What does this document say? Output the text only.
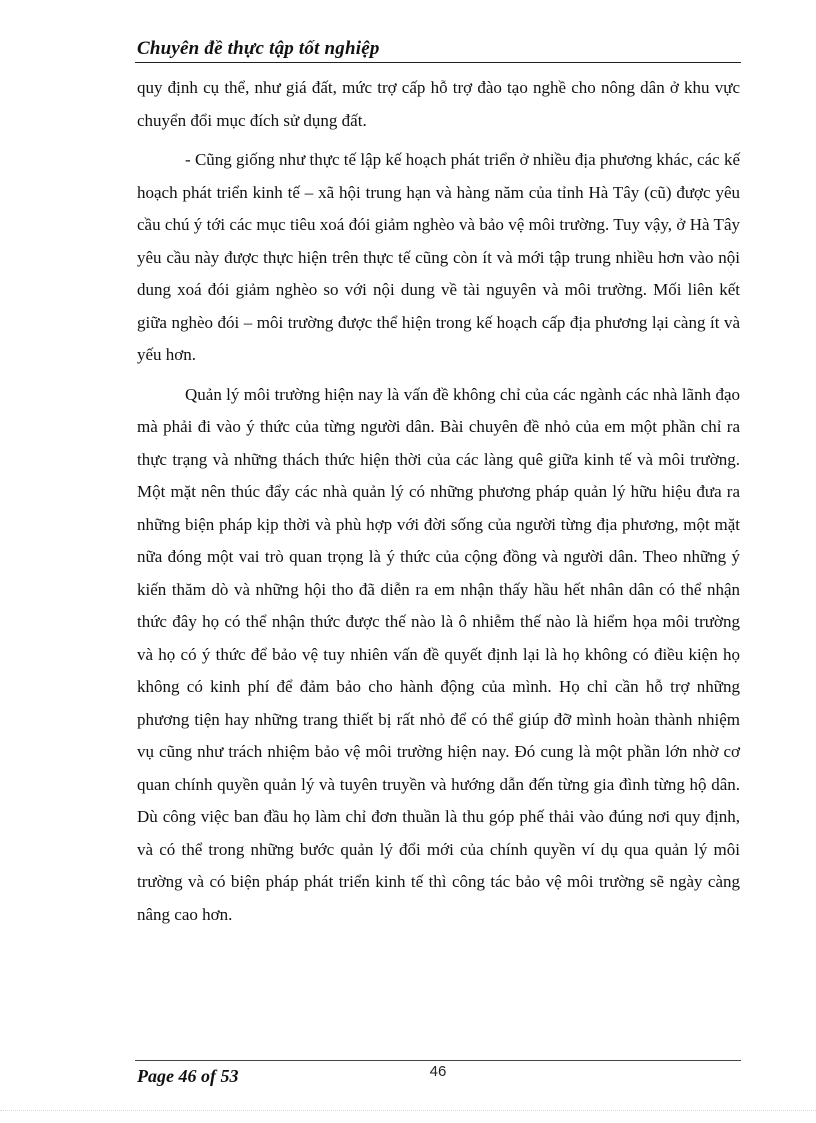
Chuyên đề thực tập tốt nghiệp

quy định cụ thể, như giá đất, mức trợ cấp hỗ trợ đào tạo nghề cho nông dân ở khu vực chuyển đổi mục đích sử dụng đất.

- Cũng giống như thực tế lập kế hoạch phát triển ở nhiều địa phương khác, các kế hoạch phát triển kinh tế – xã hội trung hạn và hàng năm của tỉnh Hà Tây (cũ) được yêu cầu chú ý tới các mục tiêu xoá đói giảm nghèo và bảo vệ môi trường. Tuy vậy, ở Hà Tây yêu cầu này được thực hiện trên thực tế cũng còn ít và mới tập trung nhiều hơn vào nội dung xoá đói giảm nghèo so với nội dung về tài nguyên và môi trường. Mối liên kết giữa nghèo đói – môi trường được thể hiện trong kế hoạch cấp địa phương lại càng ít và yếu hơn.

Quản lý môi trường hiện nay là vấn đề không chỉ của các ngành các nhà lãnh đạo mà phải đi vào ý thức của từng người dân. Bài chuyên đề nhỏ của em một phần chỉ ra thực trạng và những thách thức hiện thời của các làng quê giữa kinh tế và môi trường. Một mặt nên thúc đẩy các nhà quản lý có những phương pháp quản lý hữu hiệu đưa ra những biện pháp kịp thời và phù hợp với đời sống của người từng địa phương, một mặt nữa đóng một vai trò quan trọng là ý thức của cộng đồng và người dân. Theo những ý kiến thăm dò và những hội tho đã diễn ra em nhận thấy hầu hết nhân dân có thể nhận thức đây họ có thể nhận thức được thế nào là ô nhiễm thế nào là hiểm họa môi trường và họ có ý thức để bảo vệ tuy nhiên vấn đề quyết định lại là họ không có điều kiện họ không có kinh phí để đảm bảo cho hành động của mình. Họ chỉ cần hỗ trợ những phương tiện hay những trang thiết bị rất nhỏ để có thể giúp đỡ mình hoàn thành nhiệm vụ cũng như trách nhiệm bảo vệ môi trường hiện nay. Đó cung là một phần lớn nhờ cơ quan chính quyền quản lý và tuyên truyền và hướng dẫn đến từng gia đình từng hộ dân. Dù công việc ban đầu họ làm chỉ đơn thuần là thu góp phế thải vào đúng nơi quy định, và có thể trong những bước quản lý đổi mới của chính quyền ví dụ qua quản lý môi trường và có biện pháp phát triển kinh tế thì công tác bảo vệ môi trường sẽ ngày càng nâng cao hơn.

Page 46 of 53	46
